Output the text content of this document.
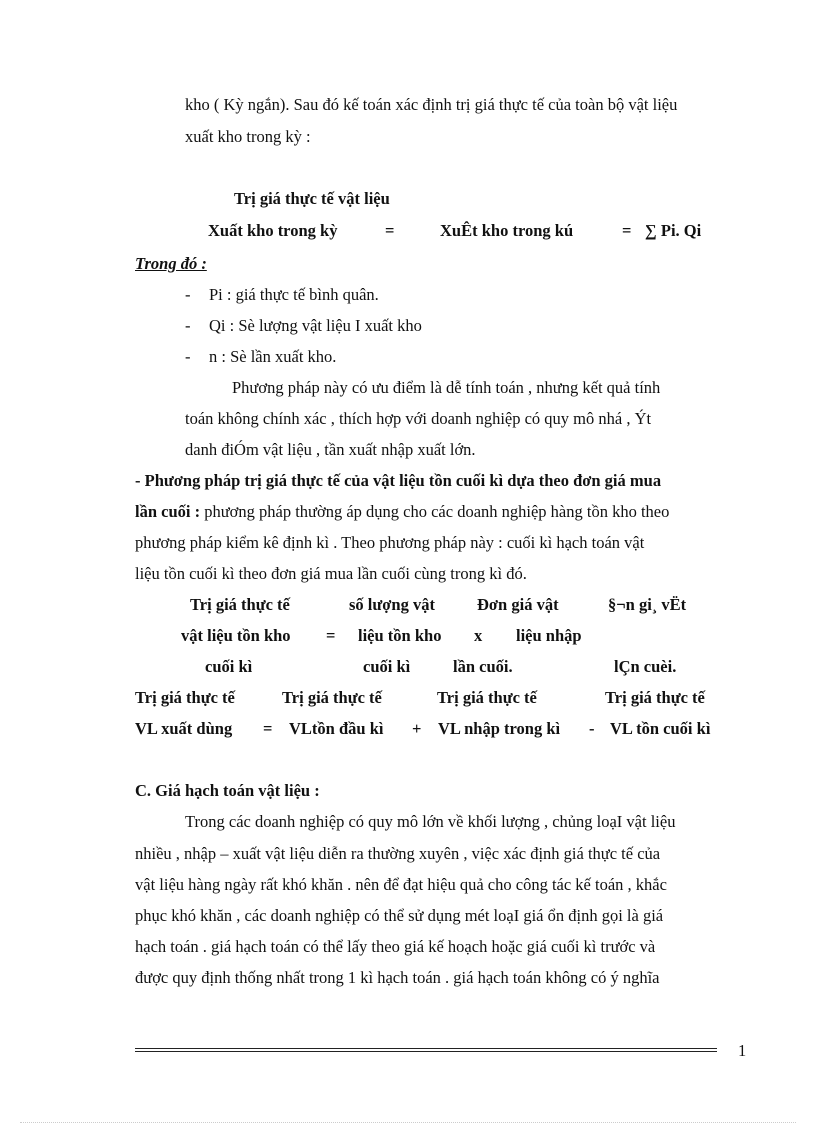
kho ( Kỳ ngắn). Sau đó kế toán xác định trị giá thực tế của toàn bộ vật liệu
xuất kho trong kỳ :
Trị giá thực tế vật liệu
Xuất kho trong kỳ	=	XuÊt kho trong kú	= ∑ Pi. Qi
Trong đó :
- Pi : giá thực tế bình quân.
- Qi : Sè lượng vật liệu I xuất kho
- n : Sè lần xuất kho.
Phương pháp này có ưu điểm là dễ tính toán , nhưng kết quả tính
toán không chính xác , thích hợp với doanh nghiệp có quy mô nhá , Ýt
danh điÓm vật liệu , tần xuất nhập xuất lớn.
- Phương pháp trị giá thực tế của vật liệu tồn cuối kì dựa theo đơn giá mua
lần cuối : phương pháp thường áp dụng cho các doanh nghiệp hàng tồn kho theo
phương pháp kiểm kê định kì . Theo phương pháp này : cuối kì hạch toán vật
liệu tồn cuối kì theo đơn giá mua lần cuối cùng trong kì đó.
Trị giá thực tế	số lượng vật	Đơn giá vật	§¬n gi¸ vËt
vật liệu tồn kho = liệu tồn kho x liệu nhập
cuối kì	cuối kì	lần cuối.	lÇn cuèi.
Trị giá thực tế	Trị giá thực tế	Trị giá thực tế	Trị giá thực tế
VL xuất dùng = VLtồn đầu kì + VL nhập trong kì - VL tồn cuối kì
C. Giá hạch toán vật liệu :
Trong các doanh nghiệp có quy mô lớn về khối lượng , chủng loạI vật liệu
nhiều , nhập – xuất vật liệu diễn ra thường xuyên , việc xác định giá thực tế của
vật liệu hàng ngày rất khó khăn . nên để đạt hiệu quả cho công tác kế toán , khắc
phục khó khăn , các doanh nghiệp có thể sử dụng mét loạI giá ổn định gọi là giá
hạch toán . giá hạch toán có thể lấy theo giá kế hoạch hoặc giá cuối kì trước và
được quy định thống nhất trong 1 kì hạch toán . giá hạch toán không có ý nghĩa
1
